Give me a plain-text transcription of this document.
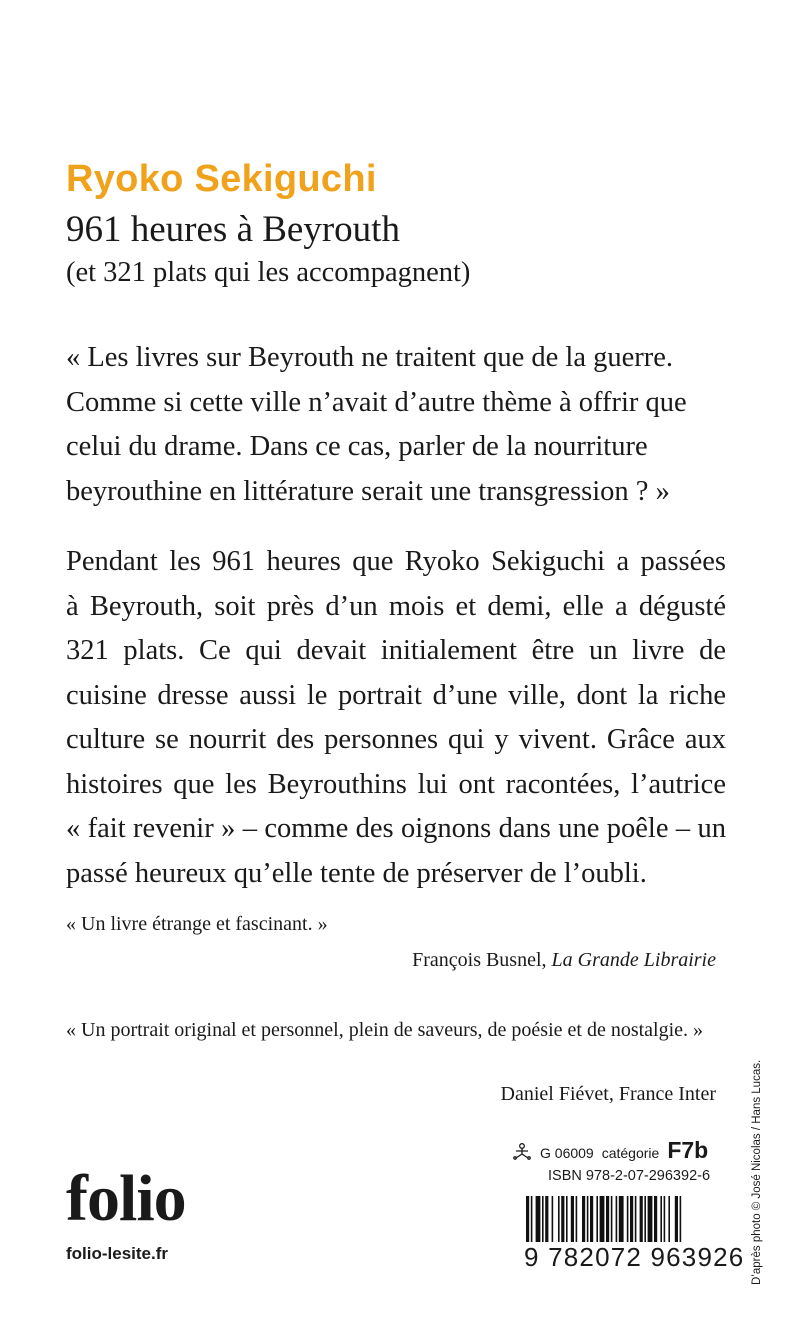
Ryoko Sekiguchi
961 heures à Beyrouth

(et 321 plats qui les accompagnent)

« Les livres sur Beyrouth ne traitent que de la guerre. Comme si cette ville n’avait d’autre thème à offrir que celui du drame. Dans ce cas, parler de la nourriture beyrouthine en littérature serait une transgression ? »

Pendant les 961 heures que Ryoko Sekiguchi a passées
à Beyrouth, soit près d’un mois et demi, elle a dégusté
321 plats. Ce qui devait initialement être un livre de
cuisine dresse aussi le portrait d’une ville, dont la riche
culture se nourrit des personnes qui y vivent. Grâce aux
histoires que les Beyrouthins lui ont racontées, l’autrice
« fait revenir » – comme des oignons dans une poêle – un
passé heureux qu’elle tente de préserver de l’oubli.

« Un livre étrange et fascinant. »

François Busnel, La Grande Librairie

« Un portrait original et personnel, plein de saveurs, de poésie et de nostalgie. »

Daniel Fiévet, France Inter

G 06009 catégorie F7b
ISBN 978-2-07-296392-6
9 782072 963926
folio
folio-lesite.fr	D’après photo © José Nicolas / Hans Lucas.
